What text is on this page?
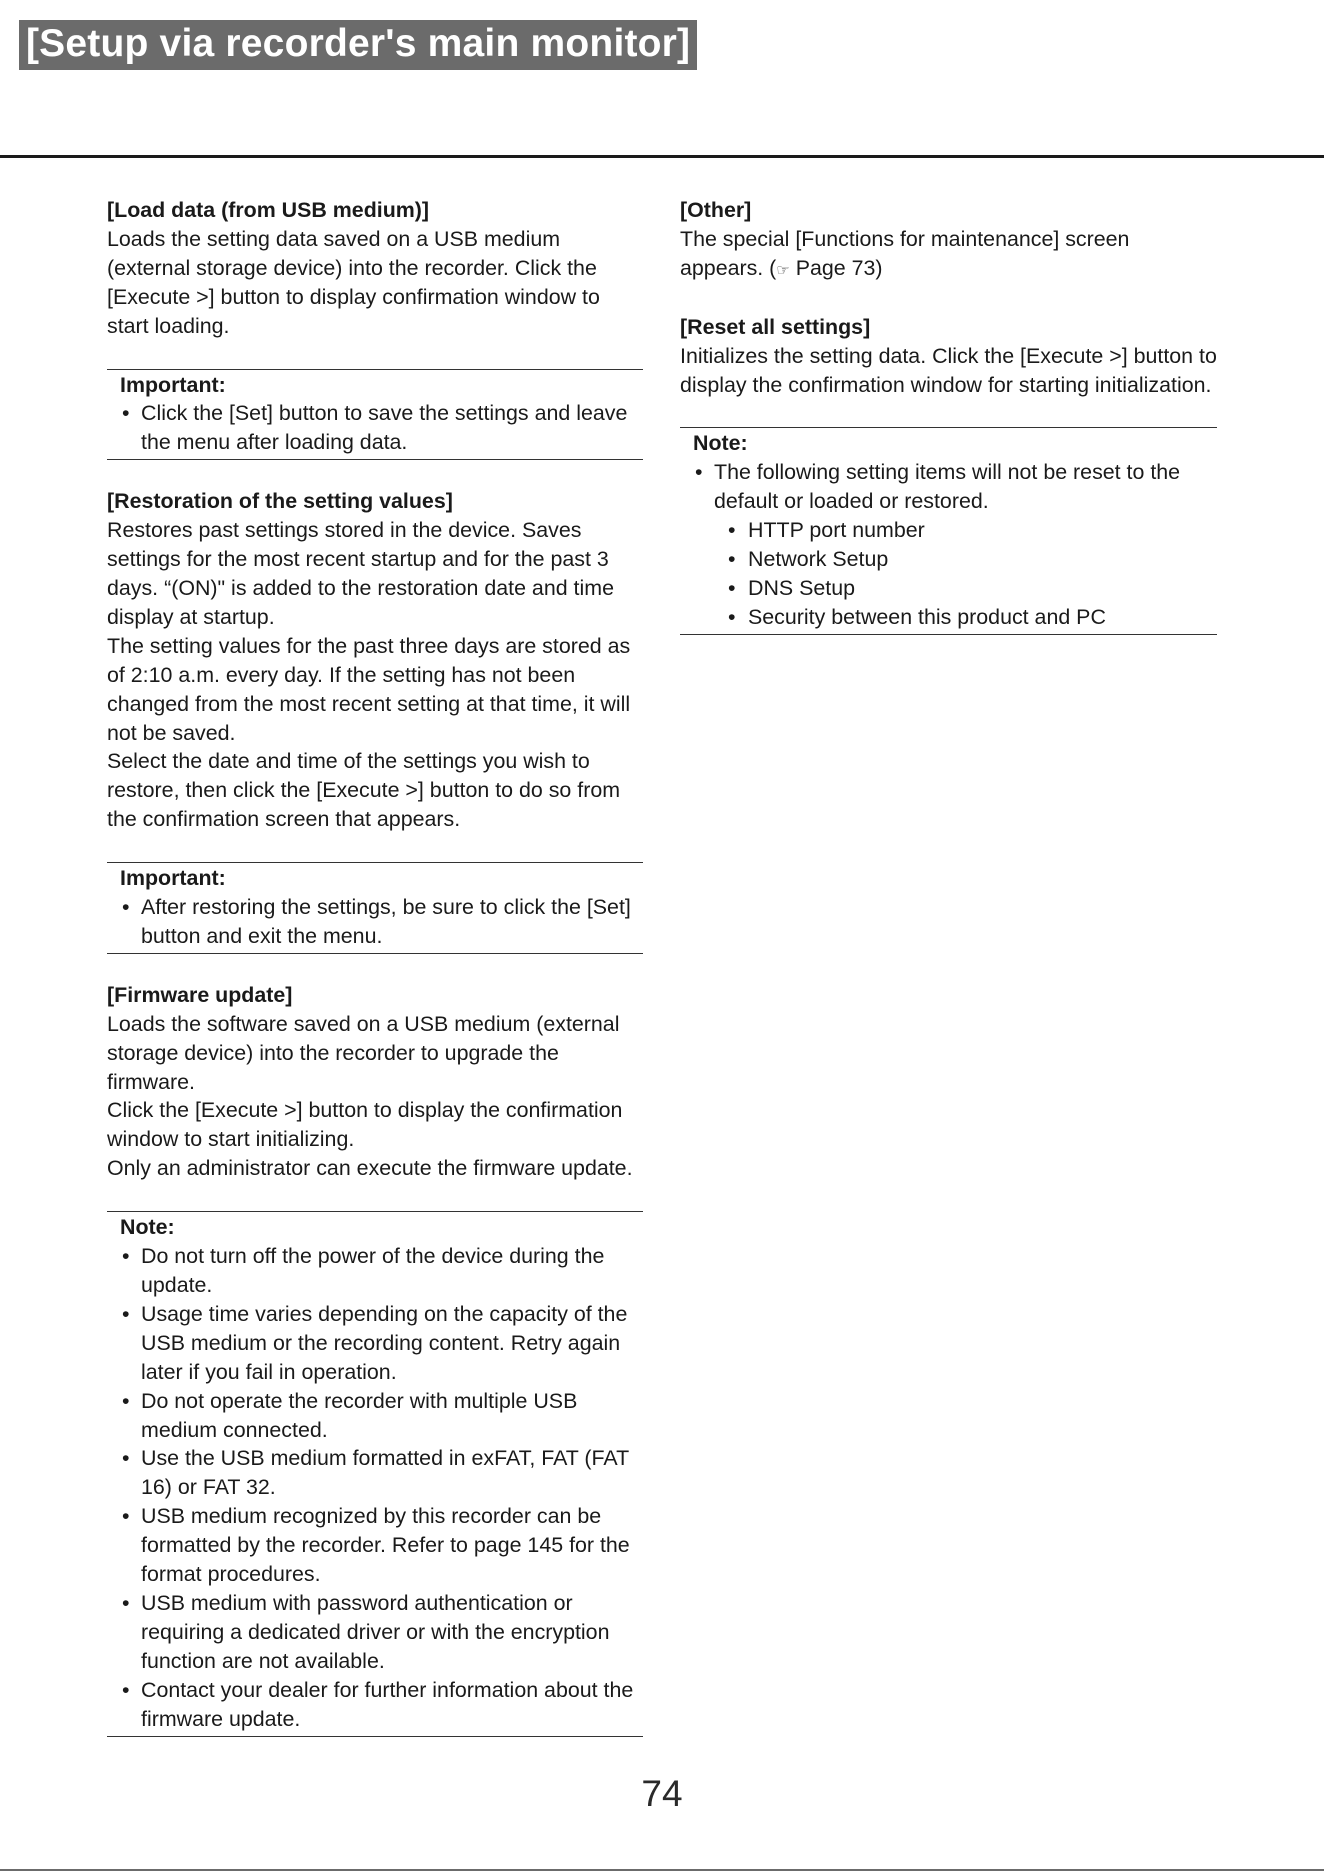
[Setup via recorder's main monitor]

[Load data (from USB medium)]

Loads the setting data saved on a USB medium (external storage device) into the recorder. Click the [Execute >] button to display confirmation window to start loading.

Important:

• Click the [Set] button to save the settings and leave the menu after loading data.

[Restoration of the setting values]

Restores past settings stored in the device. Saves settings for the most recent startup and for the past 3 days. “(ON)" is added to the restoration date and time display at startup.

The setting values for the past three days are stored as of 2:10 a.m. every day. If the setting has not been changed from the most recent setting at that time, it will not be saved.

Select the date and time of the settings you wish to restore, then click the [Execute >] button to do so from the confirmation screen that appears.

Important:

• After restoring the settings, be sure to click the [Set] button and exit the menu.

[Firmware update]

Loads the software saved on a USB medium (external storage device) into the recorder to upgrade the firmware.

Click the [Execute >] button to display the confirmation window to start initializing.

Only an administrator can execute the firmware update.

Note:

• Do not turn off the power of the device during the update.
• Usage time varies depending on the capacity of the USB medium or the recording content. Retry again later if you fail in operation.
• Do not operate the recorder with multiple USB medium connected.
• Use the USB medium formatted in exFAT, FAT (FAT 16) or FAT 32.
• USB medium recognized by this recorder can be formatted by the recorder. Refer to page 145 for the format procedures.
• USB medium with password authentication or requiring a dedicated driver or with the encryption function are not available.
• Contact your dealer for further information about the firmware update.

[Other]

The special [Functions for maintenance] screen appears. (☞ Page 73)

[Reset all settings]

Initializes the setting data. Click the [Execute >] button to display the confirmation window for starting initialization.

Note:

• The following setting items will not be reset to the default or loaded or restored.
• HTTP port number
• Network Setup
• DNS Setup
• Security between this product and PC
74
